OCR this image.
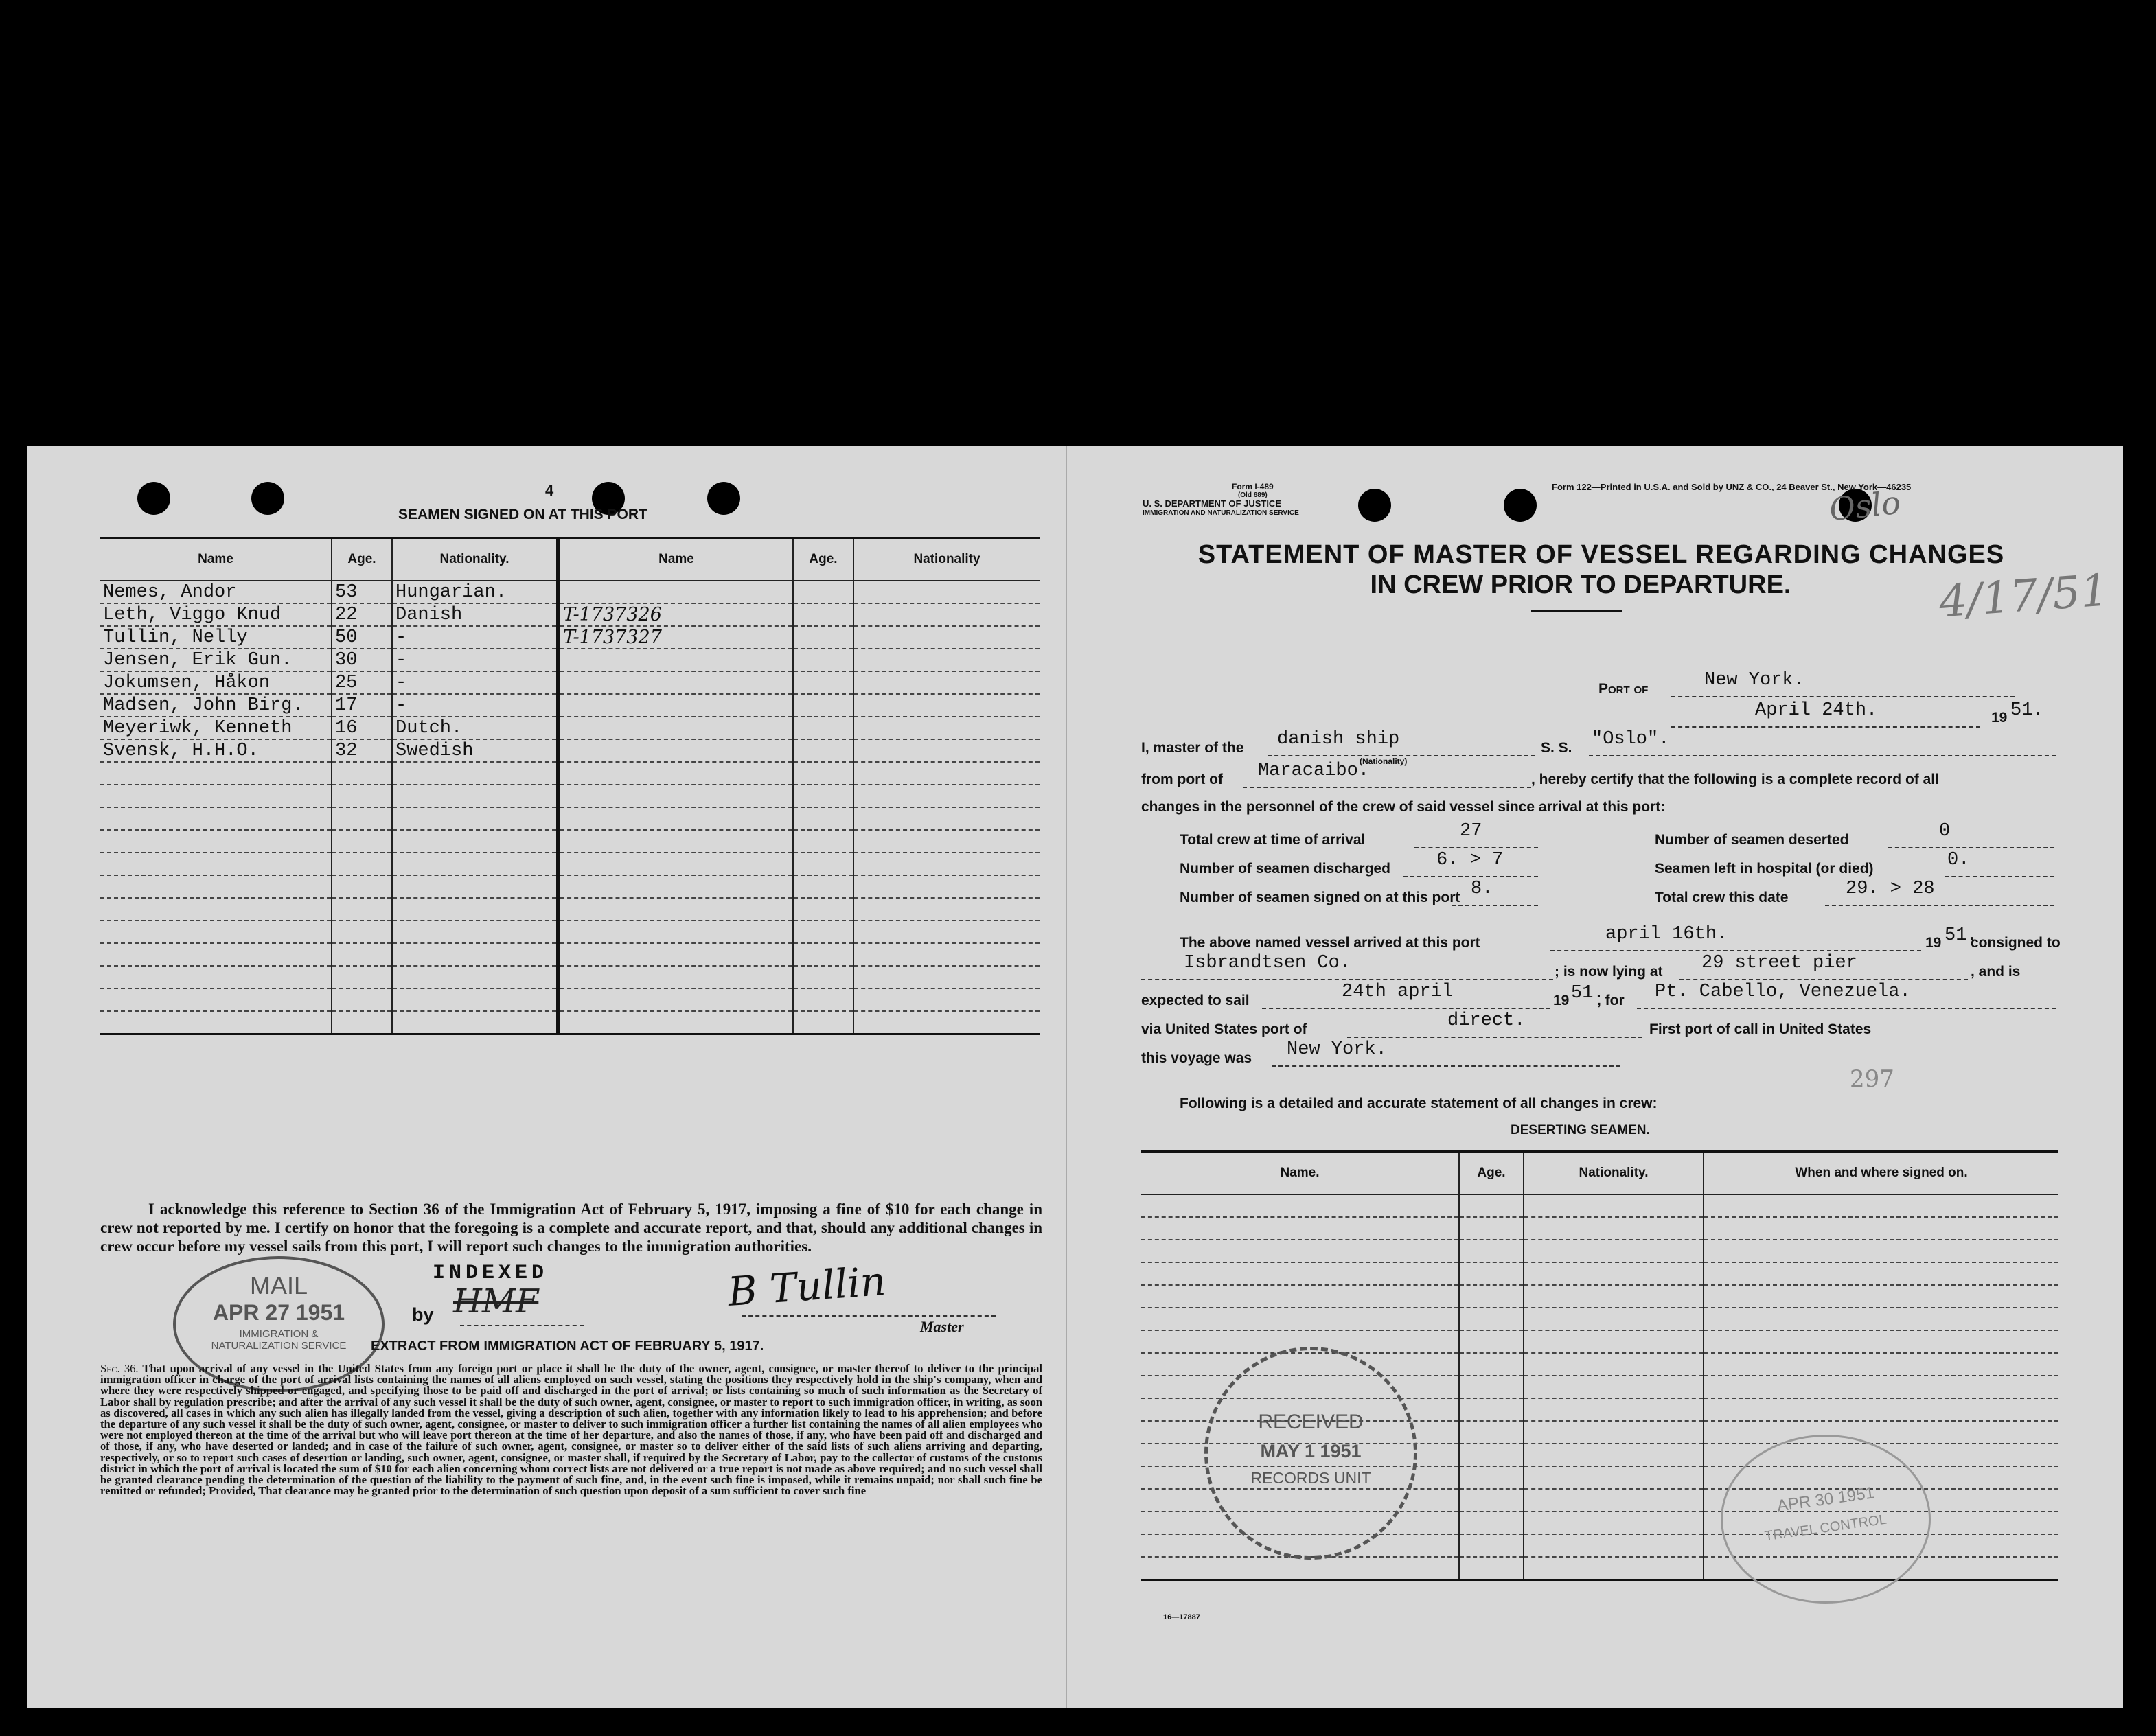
4
SEAMEN SIGNED ON AT THIS PORT
Name	Age.	Nationality.	Name	Age.	Nationality
Nemes, Andor	53	Hungarian.			
Leth, Viggo Knud	22	Danish	T-1737326		
Tullin, Nelly	50	-	T-1737327		
Jensen, Erik Gun.	30	-			
Jokumsen, Håkon	25	-			
Madsen, John Birg.	17	-			
Meyeriwk, Kenneth	16	Dutch.			
Svensk, H.H.O.	32	Swedish			

I acknowledge this reference to Section 36 of the Immigration Act of February 5, 1917, imposing a fine of $10 for each change in crew not reported by me. I certify on honor that the foregoing is a complete and accurate report, and that, should any additional changes in crew occur before my vessel sails from this port, I will report such changes to the immigration authorities.
INDEXED
by HMF	B Tullin
Master
MAIL
APR 27 1951
IMMIGRATION & NATURALIZATION SERVICE EXTRACT FROM IMMIGRATION ACT OF FEBRUARY 5, 1917.
Sec. 36. That upon arrival of any vessel in the United States from any foreign port or place it shall be the duty of the owner, agent, consignee, or master thereof to deliver to the principal immigration officer in charge of the port of arrival lists containing the names of all aliens employed on such vessel, stating the positions they respectively hold in the ship's company, when and where they were respectively shipped or engaged, and specifying those to be paid off and discharged in the port of arrival; or lists containing so much of such information as the Secretary of Labor shall by regulation prescribe; and after the arrival of any such vessel it shall be the duty of such owner, agent, consignee, or master to report to such immigration officer, in writing, as soon as discovered, all cases in which any such alien has illegally landed from the vessel, giving a description of such alien, together with any information likely to lead to his apprehension; and before the departure of any such vessel it shall be the duty of such owner, agent, consignee, or master to deliver to such immigration officer a further list containing the names of all alien employees who were not employed thereon at the time of the arrival but who will leave port thereon at the time of her departure, and also the names of those, if any, who have been paid off and discharged and of those, if any, who have deserted or landed; and in case of the failure of such owner, agent, consignee, or master so to deliver either of the said lists of such aliens arriving and departing, respectively, or so to report such cases of desertion or landing, such owner, agent, consignee, or master shall, if required by the Secretary of Labor, pay to the collector of customs of the customs district in which the port of arrival is located the sum of $10 for each alien concerning whom correct lists are not delivered or a true report is not made as above required; and no such vessel shall be granted clearance pending the determination of the question of the liability to the payment of such fine, and, in the event such fine is imposed, while it remains unpaid; nor shall such fine be remitted or refunded; Provided, That clearance may be granted prior to the determination of such question upon deposit of a sum sufficient to cover such fine
Form I-489
(Old 689)
U. S. DEPARTMENT OF JUSTICE
IMMIGRATION AND NATURALIZATION SERVICE
Form 122—Printed in U.S.A. and Sold by UNZ & CO., 24 Beaver St., New York—46235
Oslo
4/17/51
STATEMENT OF MASTER OF VESSEL REGARDING CHANGES
IN CREW PRIOR TO DEPARTURE.
Port of	New York.
April 24th.	19 51.
I, master of the danish ship
(Nationality)
S. S. "Oslo".
from port of Maracaibo.	, hereby certify that the following is a complete record of all
changes in the personnel of the crew of said vessel since arrival at this port:
Total crew at time of arrival	27	Number of seamen deserted	0
Number of seamen discharged 6. > 7	Seamen left in hospital (or died)	0.
Number of seamen signed on at this port 8.	Total crew this date	29. > 28
The above named vessel arrived at this port	april 16th.	19 51.
consigned to
Isbrandtsen Co.	; is now lying at 29 street pier	, and is
expected to sail	24th april	19 51.
, for Pt. Cabello, Venezuela.
via United States port of	direct.	First port of call in United States
this voyage was New York.
297
Following is a detailed and accurate statement of all changes in crew:
DESERTING SEAMEN.
Name.	Age.	Nationality.	When and where signed on.

RECEIVED
MAY 1 1951
RECORDS UNIT
APR 30 1951
TRAVEL CONTROL
16—17887
